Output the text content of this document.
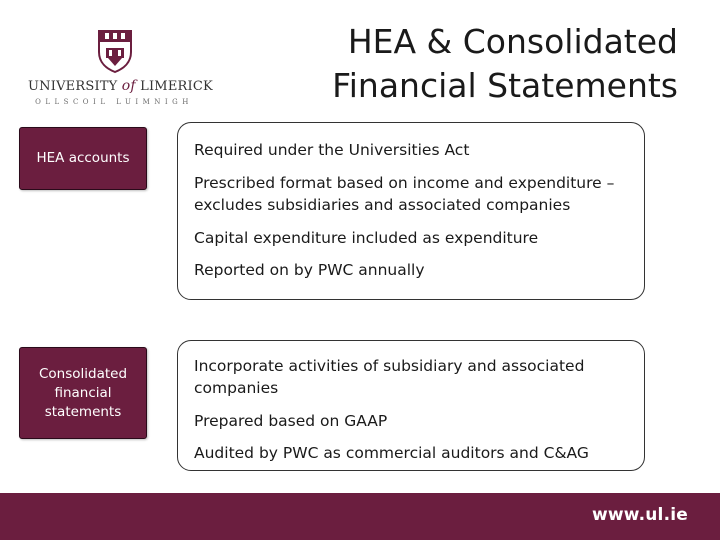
UNIVERSITY of LIMERICK
OLLSCOIL LUIMNIGH
HEA & Consolidated
Financial Statements
HEA accounts	Required under the Universities Act
Prescribed format based on income and expenditure – excludes subsidiaries and associated companies
Capital expenditure included as expenditure
Reported on by PWC annually
Consolidated financial statements
Incorporate activities of subsidiary and associated companies
Prepared based on GAAP
Audited by PWC as commercial auditors and C&AG
www.ul.ie
